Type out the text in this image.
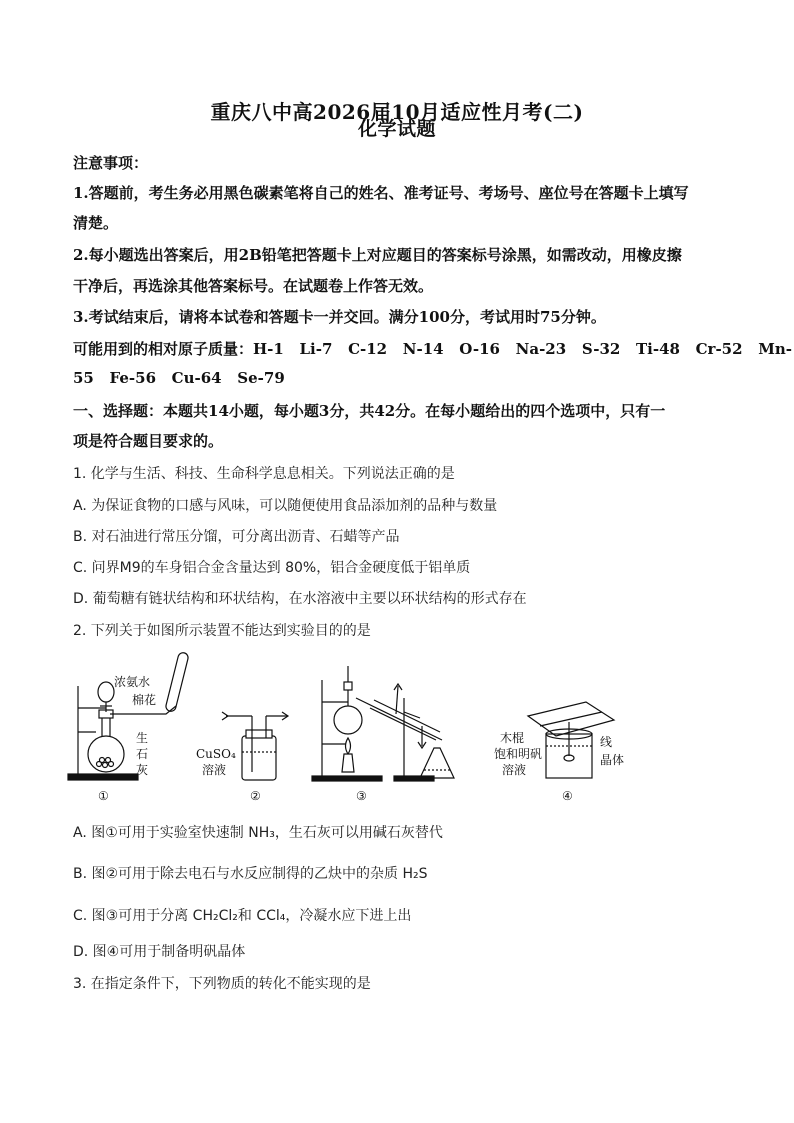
重庆八中高2026届10月适应性月考(二)
化学试题
注意事项：
1.答题前，考生务必用黑色碳素笔将自己的姓名、准考证号、考场号、座位号在答题卡上填写
清楚。
2.每小题选出答案后，用2B铅笔把答题卡上对应题目的答案标号涂黑，如需改动，用橡皮擦
干净后，再选涂其他答案标号。在试题卷上作答无效。
3.考试结束后，请将本试卷和答题卡一并交回。满分100分，考试用时75分钟。
可能用到的相对原子质量：H-1   Li-7   C-12   N-14   O-16   Na-23   S-32   Ti-48   Cr-52   Mn-
55   Fe-56   Cu-64   Se-79
一、选择题：本题共14小题，每小题3分，共42分。在每小题给出的四个选项中，只有一
项是符合题目要求的。
1. 化学与生活、科技、生命科学息息相关。下列说法正确的是
A. 为保证食物的口感与风味，可以随便使用食品添加剂的品种与数量
B. 对石油进行常压分馏，可分离出沥青、石蜡等产品
C. 问界M9的车身铝合金含量达到 80%，铝合金硬度低于铝单质
D. 葡萄糖有链状结构和环状结构，在水溶液中主要以环状结构的形式存在
2. 下列关于如图所示装置不能达到实验目的的是
浓氨水
棉花
生
石
灰
①
CuSO₄
溶液
②	③
木棍
饱和明矾
溶液
线
晶体
④
A. 图①可用于实验室快速制 NH₃，生石灰可以用碱石灰替代
B. 图②可用于除去电石与水反应制得的乙炔中的杂质 H₂S
C. 图③可用于分离 CH₂Cl₂和 CCl₄，冷凝水应下进上出
D. 图④可用于制备明矾晶体
3. 在指定条件下，下列物质的转化不能实现的是
